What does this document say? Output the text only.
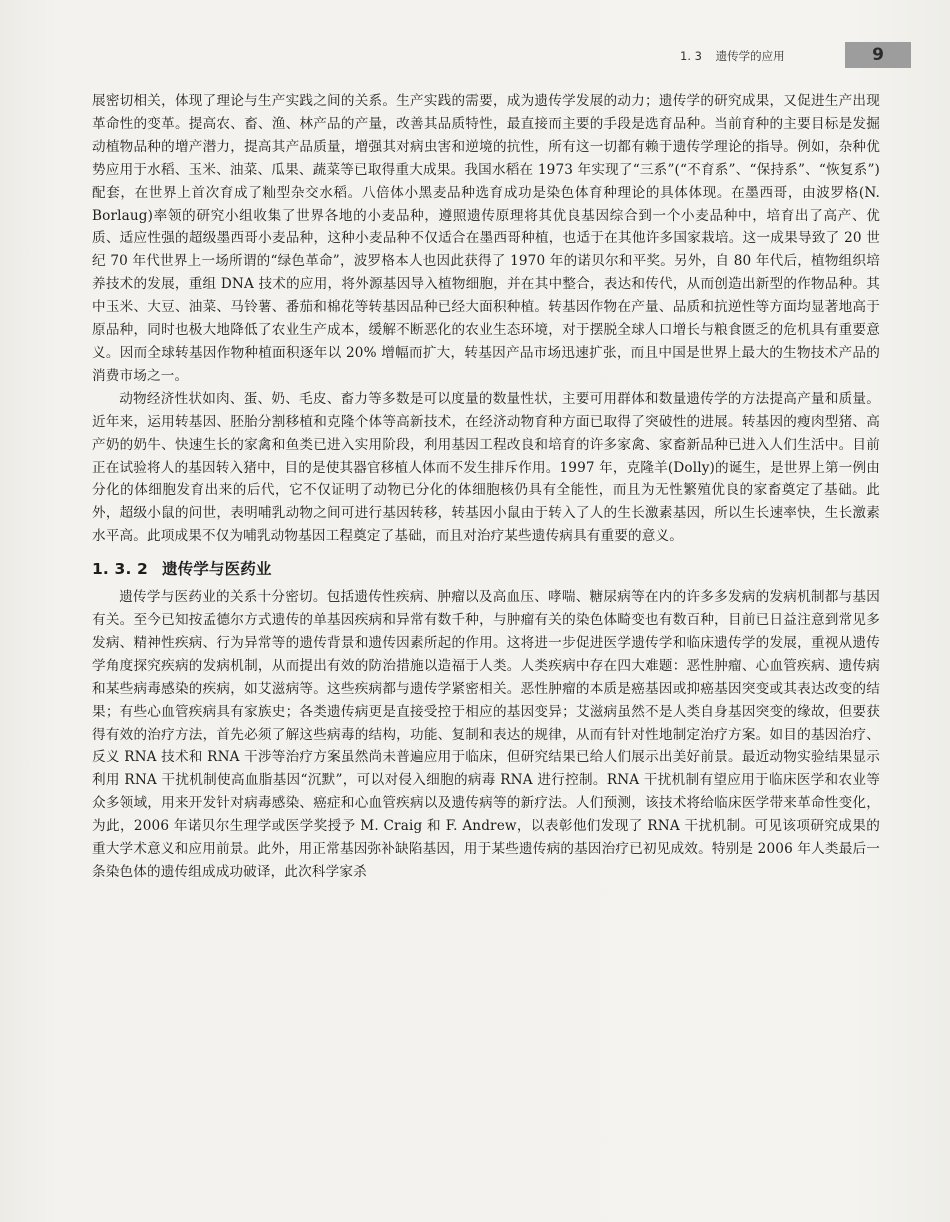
1. 3 遗传学的应用	9

展密切相关，体现了理论与生产实践之间的关系。生产实践的需要，成为遗传学发展的动力；遗传学的研究成果，又促进生产出现革命性的变革。提高农、畜、渔、林产品的产量，改善其品质特性，最直接而主要的手段是选育品种。当前育种的主要目标是发掘动植物品种的增产潜力，提高其产品质量，增强其对病虫害和逆境的抗性，所有这一切都有赖于遗传学理论的指导。例如，杂种优势应用于水稻、玉米、油菜、瓜果、蔬菜等已取得重大成果。我国水稻在 1973 年实现了“三系”(“不育系”、“保持系”、“恢复系”)配套，在世界上首次育成了籼型杂交水稻。八倍体小黑麦品种选育成功是染色体育种理论的具体体现。在墨西哥，由波罗格(N. Borlaug)率领的研究小组收集了世界各地的小麦品种，遵照遗传原理将其优良基因综合到一个小麦品种中，培育出了高产、优质、适应性强的超级墨西哥小麦品种，这种小麦品种不仅适合在墨西哥种植，也适于在其他许多国家栽培。这一成果导致了 20 世纪 70 年代世界上一场所谓的“绿色革命”，波罗格本人也因此获得了 1970 年的诺贝尔和平奖。另外，自 80 年代后，植物组织培养技术的发展，重组 DNA 技术的应用，将外源基因导入植物细胞，并在其中整合，表达和传代，从而创造出新型的作物品种。其中玉米、大豆、油菜、马铃薯、番茄和棉花等转基因品种已经大面积种植。转基因作物在产量、品质和抗逆性等方面均显著地高于原品种，同时也极大地降低了农业生产成本，缓解不断恶化的农业生态环境，对于摆脱全球人口增长与粮食匮乏的危机具有重要意义。因而全球转基因作物种植面积逐年以 20% 增幅而扩大，转基因产品市场迅速扩张，而且中国是世界上最大的生物技术产品的消费市场之一。

动物经济性状如肉、蛋、奶、毛皮、畜力等多数是可以度量的数量性状，主要可用群体和数量遗传学的方法提高产量和质量。近年来，运用转基因、胚胎分割移植和克隆个体等高新技术，在经济动物育种方面已取得了突破性的进展。转基因的瘦肉型猪、高产奶的奶牛、快速生长的家禽和鱼类已进入实用阶段，利用基因工程改良和培育的许多家禽、家畜新品种已进入人们生活中。目前正在试验将人的基因转入猪中，目的是使其器官移植人体而不发生排斥作用。1997 年，克隆羊(Dolly)的诞生，是世界上第一例由分化的体细胞发育出来的后代，它不仅证明了动物已分化的体细胞核仍具有全能性，而且为无性繁殖优良的家畜奠定了基础。此外，超级小鼠的问世，表明哺乳动物之间可进行基因转移，转基因小鼠由于转入了人的生长激素基因，所以生长速率快，生长激素水平高。此项成果不仅为哺乳动物基因工程奠定了基础，而且对治疗某些遗传病具有重要的意义。

1. 3. 2 遗传学与医药业

遗传学与医药业的关系十分密切。包括遗传性疾病、肿瘤以及高血压、哮喘、糖尿病等在内的许多多发病的发病机制都与基因有关。至今已知按孟德尔方式遗传的单基因疾病和异常有数千种，与肿瘤有关的染色体畸变也有数百种，目前已日益注意到常见多发病、精神性疾病、行为异常等的遗传背景和遗传因素所起的作用。这将进一步促进医学遗传学和临床遗传学的发展，重视从遗传学角度探究疾病的发病机制，从而提出有效的防治措施以造福于人类。人类疾病中存在四大难题：恶性肿瘤、心血管疾病、遗传病和某些病毒感染的疾病，如艾滋病等。这些疾病都与遗传学紧密相关。恶性肿瘤的本质是癌基因或抑癌基因突变或其表达改变的结果；有些心血管疾病具有家族史；各类遗传病更是直接受控于相应的基因变异；艾滋病虽然不是人类自身基因突变的缘故，但要获得有效的治疗方法，首先必须了解这些病毒的结构，功能、复制和表达的规律，从而有针对性地制定治疗方案。如目的基因治疗、反义 RNA 技术和 RNA 干涉等治疗方案虽然尚未普遍应用于临床，但研究结果已给人们展示出美好前景。最近动物实验结果显示利用 RNA 干扰机制使高血脂基因“沉默”，可以对侵入细胞的病毒 RNA 进行控制。RNA 干扰机制有望应用于临床医学和农业等众多领域，用来开发针对病毒感染、癌症和心血管疾病以及遗传病等的新疗法。人们预测，该技术将给临床医学带来革命性变化，为此，2006 年诺贝尔生理学或医学奖授予 M. Craig 和 F. Andrew，以表彰他们发现了 RNA 干扰机制。可见该项研究成果的重大学术意义和应用前景。此外，用正常基因弥补缺陷基因，用于某些遗传病的基因治疗已初见成效。特别是 2006 年人类最后一条染色体的遗传组成成功破译，此次科学家杀
